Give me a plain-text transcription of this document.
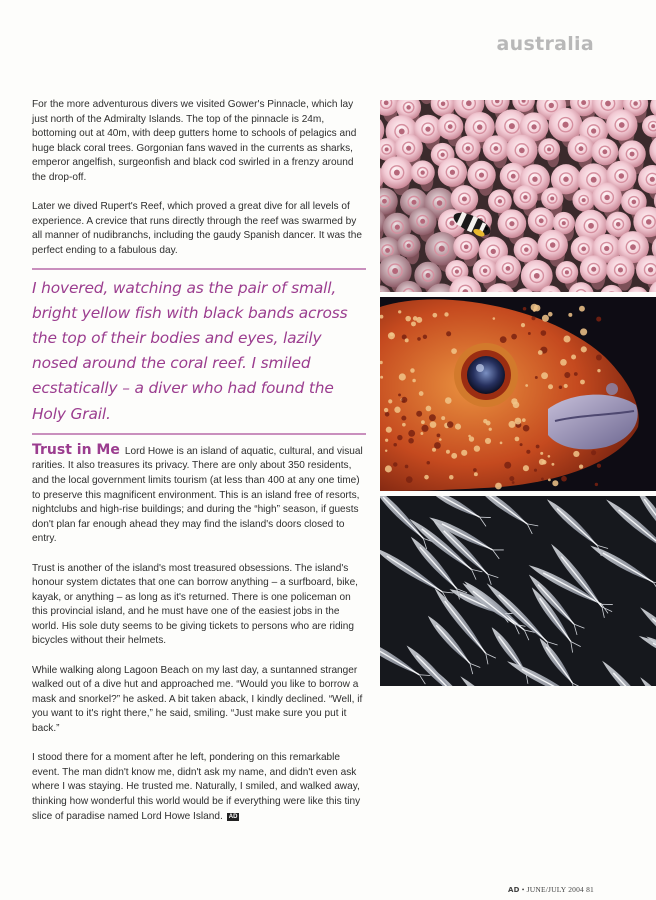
australia

For the more adventurous divers we visited Gower's Pinnacle, which lay just north of the Admiralty Islands. The top of the pinnacle is 24m, bottoming out at 40m, with deep gutters home to schools of pelagics and huge black coral trees. Gorgonian fans waved in the currents as sharks, emperor angelfish, surgeonfish and black cod swirled in a frenzy around the drop-off.

Later we dived Rupert's Reef, which proved a great dive for all levels of experience. A crevice that runs directly through the reef was swarmed by all manner of nudibranchs, including the gaudy Spanish dancer. It was the perfect ending to a fabulous day.

I hovered, watching as the pair of small, bright yellow fish with black bands across the top of their bodies and eyes, lazily nosed around the coral reef. I smiled ecstatically – a diver who had found the Holy Grail.

Trust in Me Lord Howe is an island of aquatic, cultural, and visual rarities. It also treasures its privacy. There are only about 350 residents, and the local government limits tourism (at less than 400 at any one time) to preserve this magnificent environment. This is an island free of resorts, nightclubs and high-rise buildings; and during the “high” season, if guests don't plan far enough ahead they may find the island's doors closed to entry.

Trust is another of the island's most treasured obsessions. The island's honour system dictates that one can borrow anything – a surfboard, bike, kayak, or anything – as long as it's returned. There is one policeman on this provincial island, and he must have one of the easiest jobs in the world. His sole duty seems to be giving tickets to persons who are riding bicycles without their helmets.

While walking along Lagoon Beach on my last day, a suntanned stranger walked out of a dive hut and approached me. “Would you like to borrow a mask and snorkel?” he asked. A bit taken aback, I kindly declined. “Well, if you want to it's right there,” he said, smiling. “Just make sure you put it back.”

I stood there for a moment after he left, pondering on this remarkable event. The man didn't know me, didn't ask my name, and didn't even ask where I was staying. He trusted me. Naturally, I smiled, and walked away, thinking how wonderful this world would be if everything were like this tiny slice of paradise named Lord Howe Island. AD

AD • JUNE/JULY 2004 81
